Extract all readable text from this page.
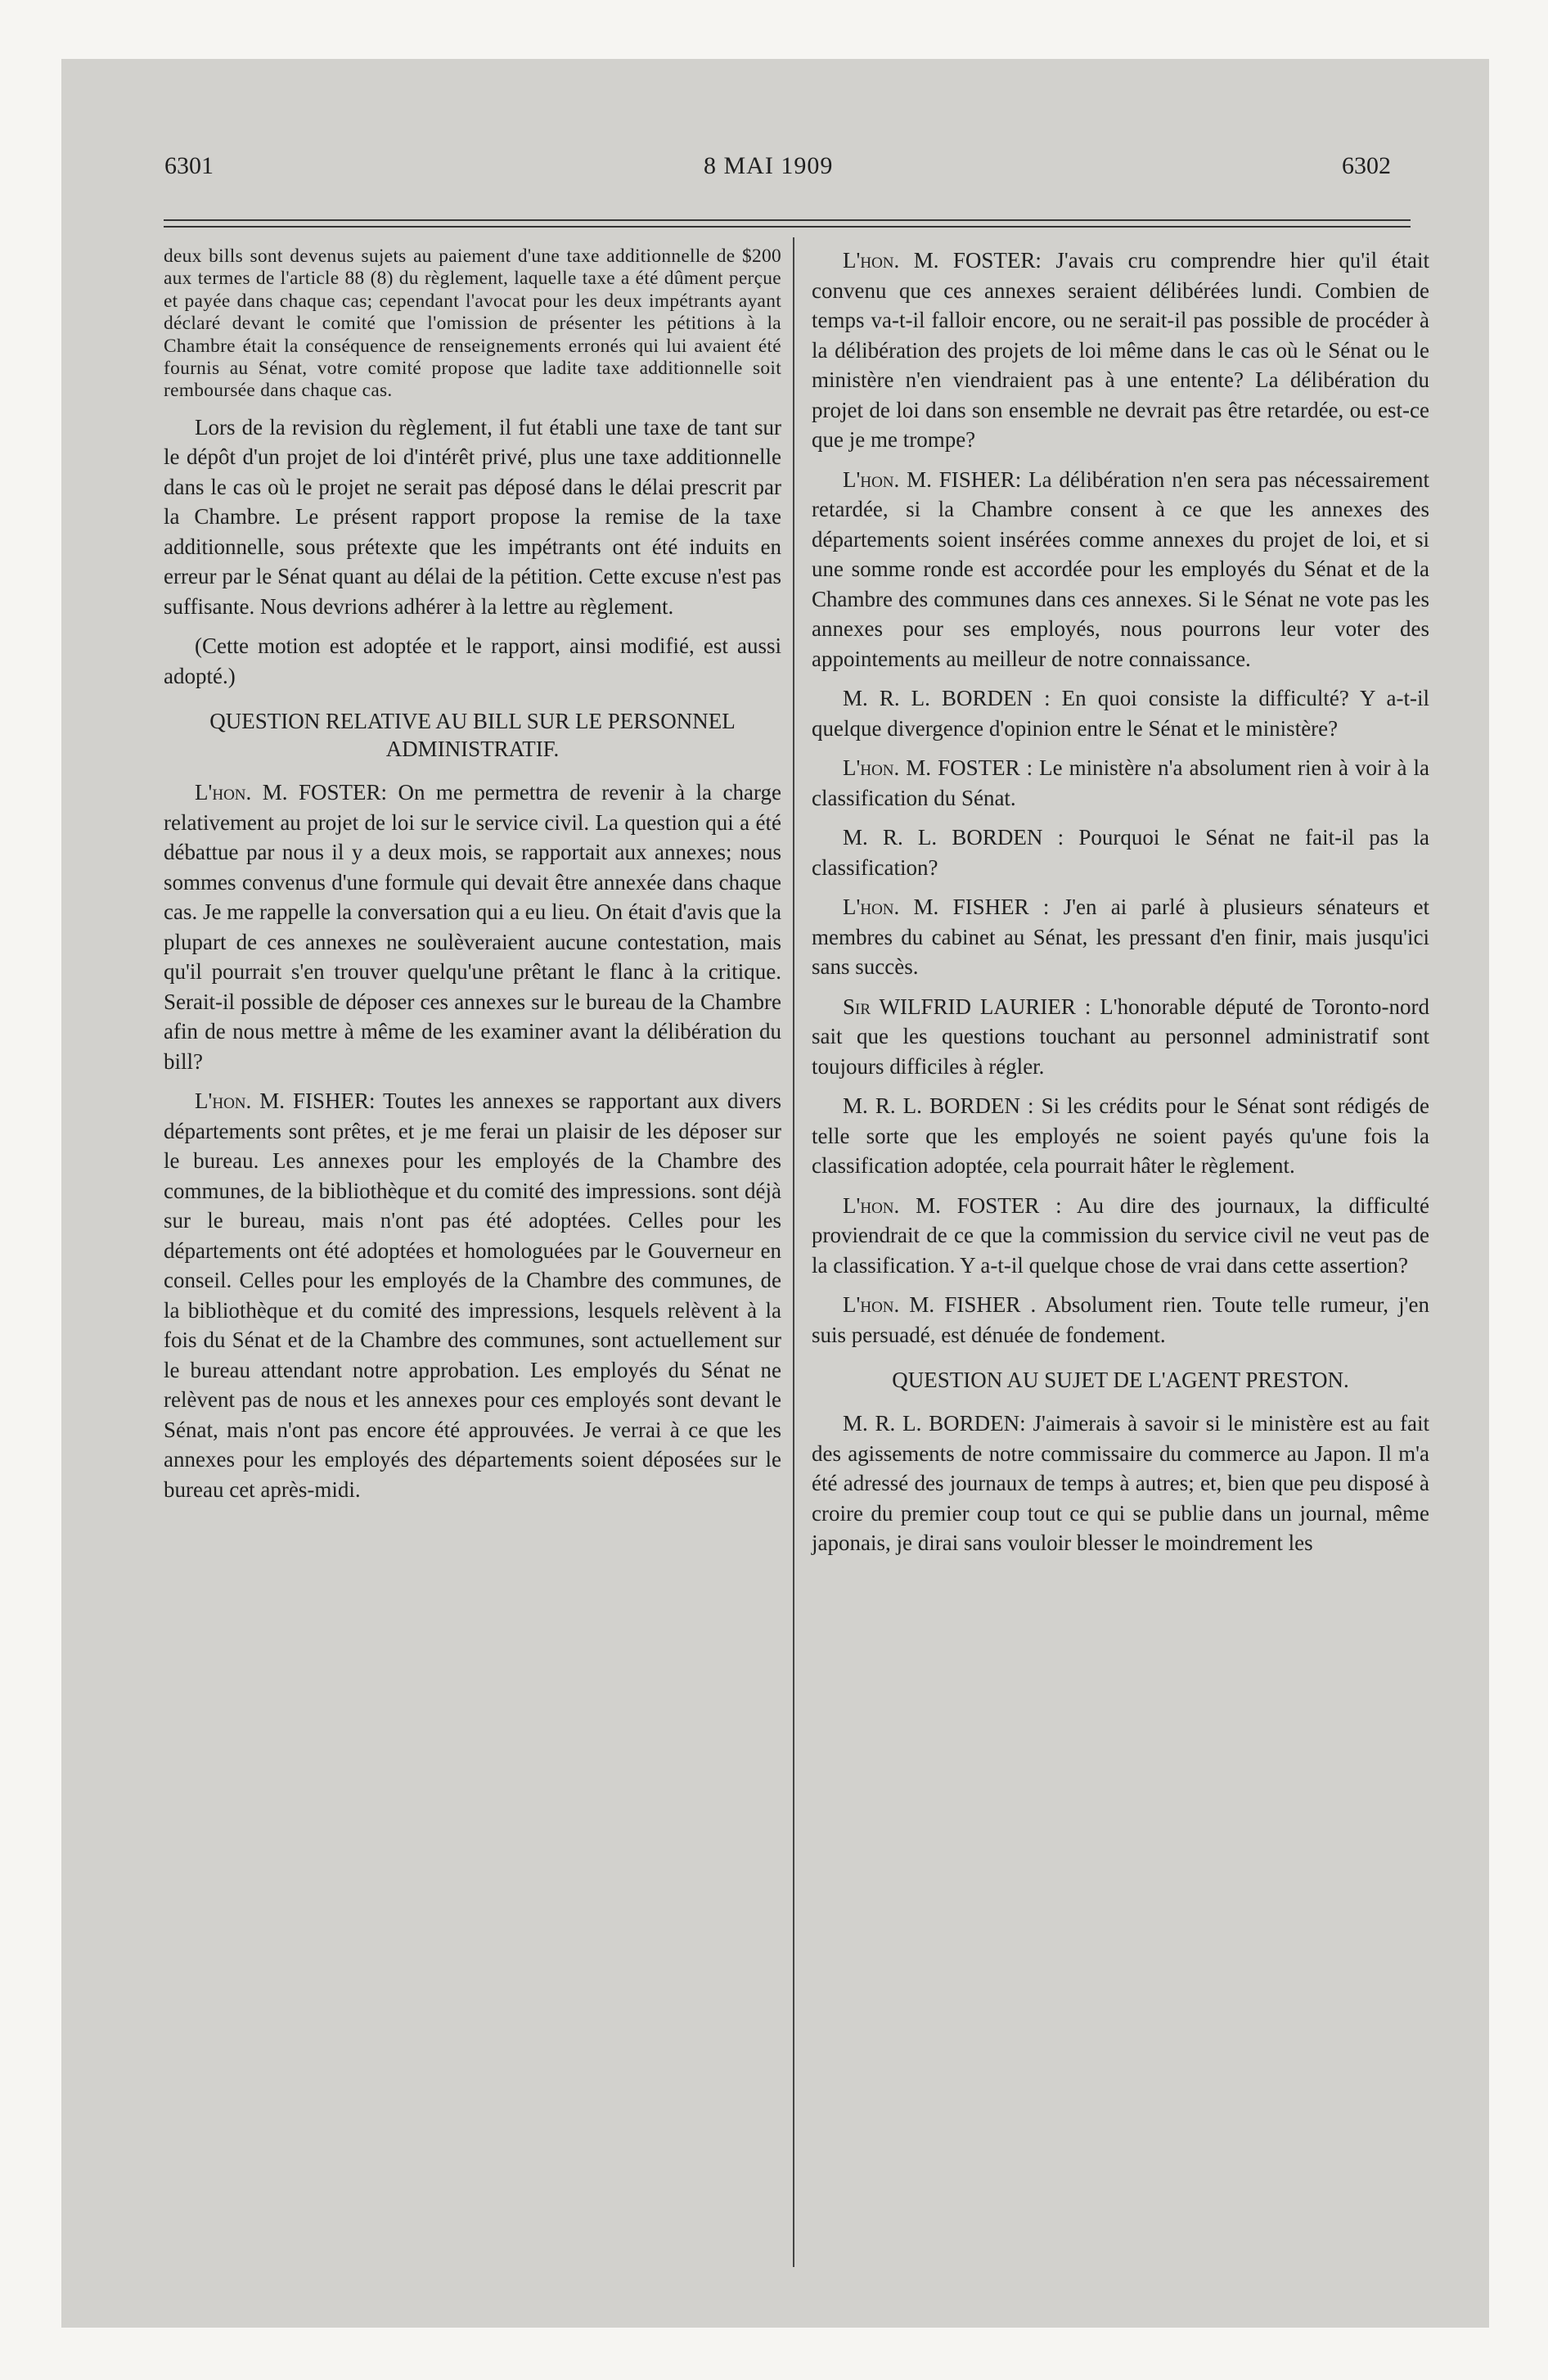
6301	8 MAI 1909	6302

deux bills sont devenus sujets au paiement d'une taxe additionnelle de $200 aux termes de l'article 88 (8) du règlement, laquelle taxe a été dûment perçue et payée dans chaque cas; cependant l'avocat pour les deux impétrants ayant déclaré devant le comité que l'omission de présenter les pétitions à la Chambre était la conséquence de renseignements erronés qui lui avaient été fournis au Sénat, votre comité propose que ladite taxe additionnelle soit remboursée dans chaque cas.

Lors de la revision du règlement, il fut établi une taxe de tant sur le dépôt d'un projet de loi d'intérêt privé, plus une taxe additionnelle dans le cas où le projet ne serait pas déposé dans le délai prescrit par la Chambre. Le présent rapport propose la remise de la taxe additionnelle, sous prétexte que les impétrants ont été induits en erreur par le Sénat quant au délai de la pétition. Cette excuse n'est pas suffisante. Nous devrions adhérer à la lettre au règlement.

(Cette motion est adoptée et le rapport, ainsi modifié, est aussi adopté.)

QUESTION RELATIVE AU BILL SUR LE PERSONNEL ADMINISTRATIF.

L'hon. M. FOSTER: On me permettra de revenir à la charge relativement au projet de loi sur le service civil. La question qui a été débattue par nous il y a deux mois, se rapportait aux annexes; nous sommes convenus d'une formule qui devait être annexée dans chaque cas. Je me rappelle la conversation qui a eu lieu. On était d'avis que la plupart de ces annexes ne soulèveraient aucune contestation, mais qu'il pourrait s'en trouver quelqu'une prêtant le flanc à la critique. Serait-il possible de déposer ces annexes sur le bureau de la Chambre afin de nous mettre à même de les examiner avant la délibération du bill?

L'hon. M. FISHER: Toutes les annexes se rapportant aux divers départements sont prêtes, et je me ferai un plaisir de les déposer sur le bureau. Les annexes pour les employés de la Chambre des communes, de la bibliothèque et du comité des impressions. sont déjà sur le bureau, mais n'ont pas été adoptées. Celles pour les départements ont été adoptées et homologuées par le Gouverneur en conseil. Celles pour les employés de la Chambre des communes, de la bibliothèque et du comité des impressions, lesquels relèvent à la fois du Sénat et de la Chambre des communes, sont actuellement sur le bureau attendant notre approbation. Les employés du Sénat ne relèvent pas de nous et les annexes pour ces employés sont devant le Sénat, mais n'ont pas encore été approuvées. Je verrai à ce que les annexes pour les employés des départements soient déposées sur le bureau cet après-midi.

L'hon. M. FOSTER: J'avais cru comprendre hier qu'il était convenu que ces annexes seraient délibérées lundi. Combien de temps va-t-il falloir encore, ou ne serait-il pas possible de procéder à la délibération des projets de loi même dans le cas où le Sénat ou le ministère n'en viendraient pas à une entente? La délibération du projet de loi dans son ensemble ne devrait pas être retardée, ou est-ce que je me trompe?

L'hon. M. FISHER: La délibération n'en sera pas nécessairement retardée, si la Chambre consent à ce que les annexes des départements soient insérées comme annexes du projet de loi, et si une somme ronde est accordée pour les employés du Sénat et de la Chambre des communes dans ces annexes. Si le Sénat ne vote pas les annexes pour ses employés, nous pourrons leur voter des appointements au meilleur de notre connaissance.

M. R. L. BORDEN : En quoi consiste la difficulté? Y a-t-il quelque divergence d'opinion entre le Sénat et le ministère?

L'hon. M. FOSTER : Le ministère n'a absolument rien à voir à la classification du Sénat.

M. R. L. BORDEN : Pourquoi le Sénat ne fait-il pas la classification?

L'hon. M. FISHER : J'en ai parlé à plusieurs sénateurs et membres du cabinet au Sénat, les pressant d'en finir, mais jusqu'ici sans succès.

Sir WILFRID LAURIER : L'honorable député de Toronto-nord sait que les questions touchant au personnel administratif sont toujours difficiles à régler.

M. R. L. BORDEN : Si les crédits pour le Sénat sont rédigés de telle sorte que les employés ne soient payés qu'une fois la classification adoptée, cela pourrait hâter le règlement.

L'hon. M. FOSTER : Au dire des journaux, la difficulté proviendrait de ce que la commission du service civil ne veut pas de la classification. Y a-t-il quelque chose de vrai dans cette assertion?

L'hon. M. FISHER . Absolument rien. Toute telle rumeur, j'en suis persuadé, est dénuée de fondement.

QUESTION AU SUJET DE L'AGENT PRESTON.

M. R. L. BORDEN: J'aimerais à savoir si le ministère est au fait des agissements de notre commissaire du commerce au Japon. Il m'a été adressé des journaux de temps à autres; et, bien que peu disposé à croire du premier coup tout ce qui se publie dans un journal, même japonais, je dirai sans vouloir blesser le moindrement les
